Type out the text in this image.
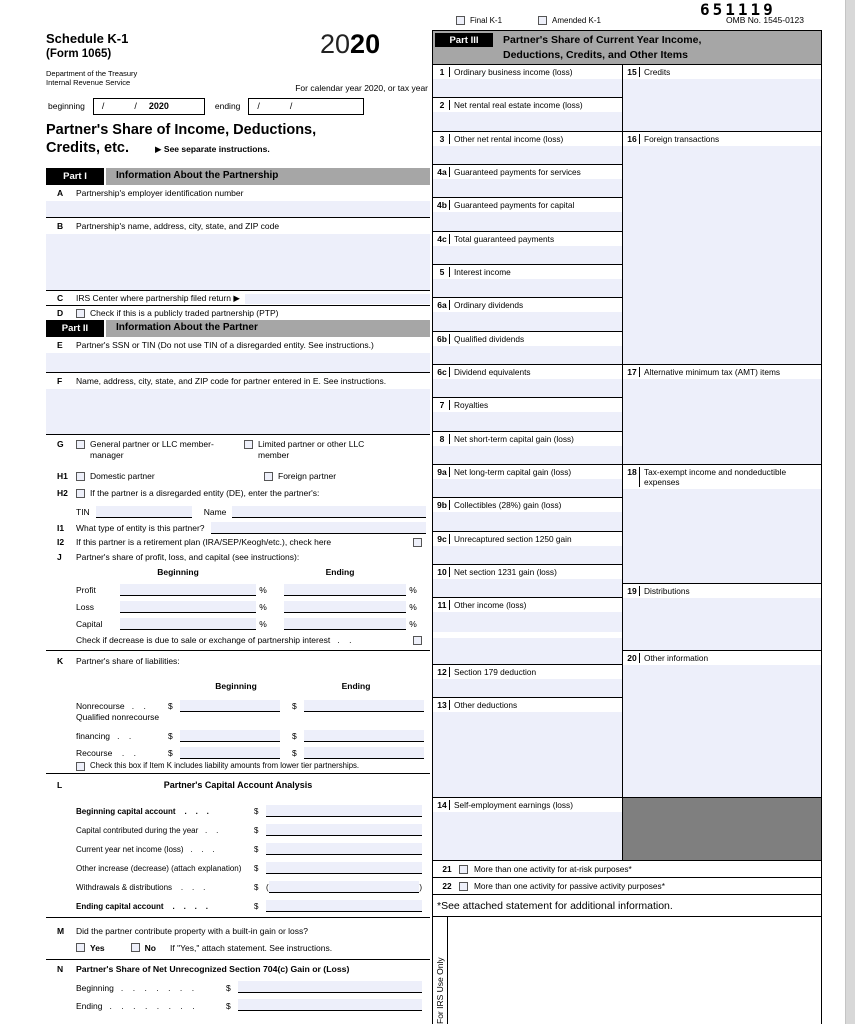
651119
Final K-1	Amended K-1	OMB No. 1545-0123
Schedule K-1
(Form 1065)
Department of the Treasury
Internal Revenue Service
2020
For calendar year 2020, or tax year
beginning /            / 2020	ending /            /
Partner's Share of Income, Deductions,
Credits, etc.	▶ See separate instructions.
Part I	Information About the Partnership
A	Partnership's employer identification number
B	Partnership's name, address, city, state, and ZIP code
C	IRS Center where partnership filed return ▶
D	Check if this is a publicly traded partnership (PTP)
Part II	Information About the Partner
E	Partner's SSN or TIN (Do not use TIN of a disregarded entity. See instructions.)
F	Name, address, city, state, and ZIP code for partner entered in E. See instructions.
G	General partner or LLC member-manager
Limited partner or other LLC member
H1	Domestic partner	Foreign partner
H2	If the partner is a disregarded entity (DE), enter the partner's:
TIN	Name
I1	What type of entity is this partner?
I2	If this partner is a retirement plan (IRA/SEP/Keogh/etc.), check here
J	Partner's share of profit, loss, and capital (see instructions):
Beginning	Ending
Profit	%	%
Loss	%	%
Capital	%	%
Check if decrease is due to sale or exchange of partnership interest   .    .
K	Partner's share of liabilities:
Beginning	Ending
Nonrecourse   .    .	$	$
Qualified nonrecourse
financing   .    .	$	$
Recourse    .    .	$	$
Check this box if Item K includes liability amounts from lower tier partnerships.
L	Partner's Capital Account Analysis
Beginning capital account    .    .    .	$
Capital contributed during the year   .    .	$
Current year net income (loss)   .    .    .	$
Other increase (decrease) (attach explanation)	$
Withdrawals & distributions    .    .    .	$ (	)
Ending capital account    .    .    .    .	$
M	Did the partner contribute property with a built-in gain or loss?
Yes	No If "Yes," attach statement. See instructions.
N	Partner's Share of Net Unrecognized Section 704(c) Gain or (Loss)
Beginning   .    .    .    .    .    .    .	$
Ending   .    .    .    .    .    .    .    .	$
Part III	Partner's Share of Current Year Income,
Deductions, Credits, and Other Items
1	Ordinary business income (loss)
2	Net rental real estate income (loss)
3	Other net rental income (loss)
4a Guaranteed payments for services
4b Guaranteed payments for capital
4c Total guaranteed payments
5	Interest income
6a Ordinary dividends
6b Qualified dividends
6c Dividend equivalents
7	Royalties
8	Net short-term capital gain (loss)
9a Net long-term capital gain (loss)
9b Collectibles (28%) gain (loss)
9c Unrecaptured section 1250 gain
10 Net section 1231 gain (loss)
11 Other income (loss)
12 Section 179 deduction
13 Other deductions
14 Self-employment earnings (loss)
15 Credits
16 Foreign transactions
17 Alternative minimum tax (AMT) items
18 Tax-exempt income and nondeductible expenses
19 Distributions
20 Other information
21	More than one activity for at-risk purposes*
22	More than one activity for passive activity purposes*
*See attached statement for additional information.
For IRS Use Only
